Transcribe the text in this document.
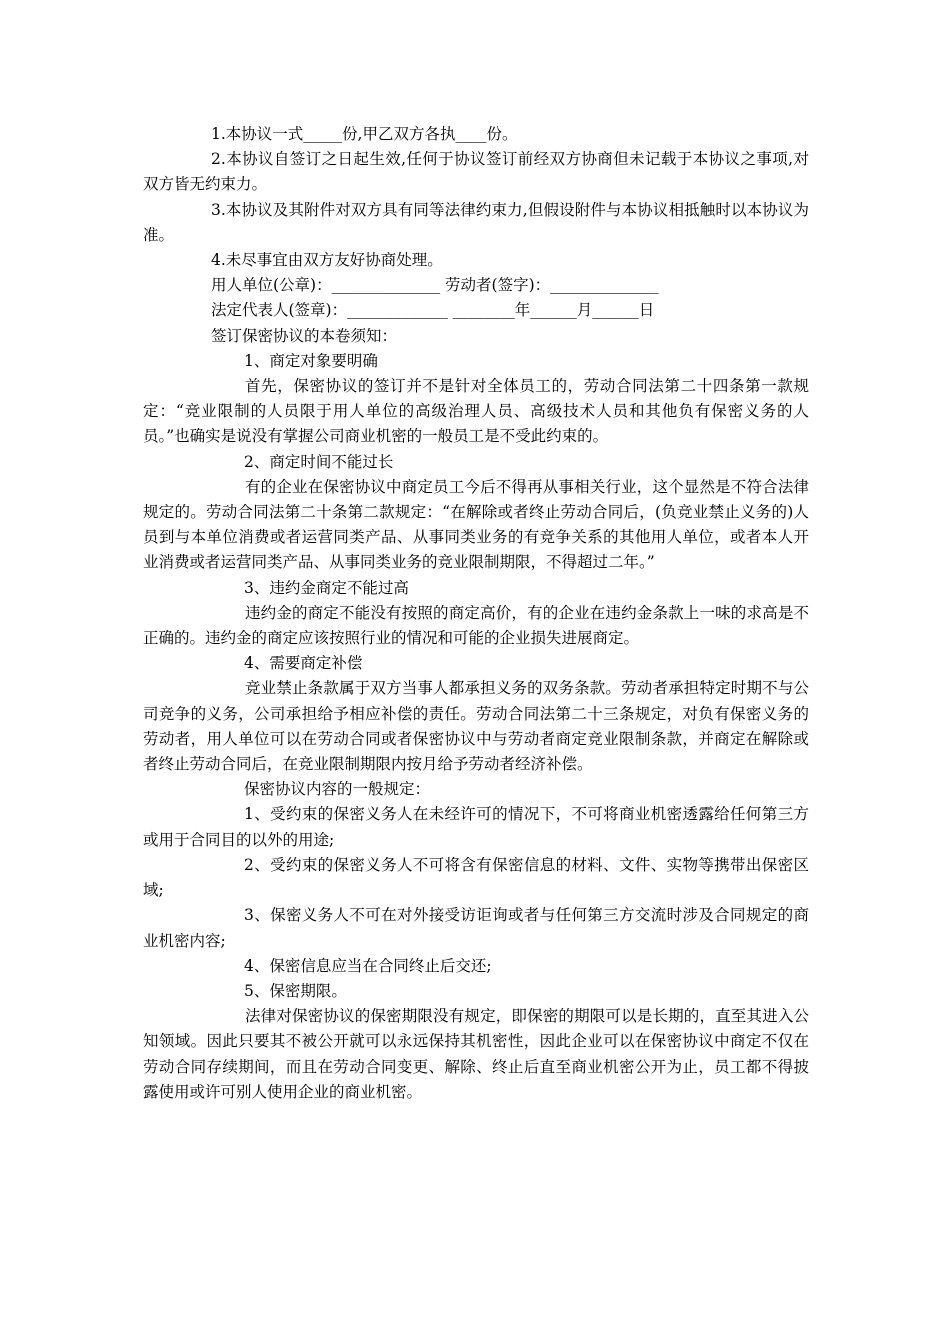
1.本协议一式_____份,甲乙双方各执____份。

2.本协议自签订之日起生效,任何于协议签订前经双方协商但未记载于本协议之事项,对双方皆无约束力。

3.本协议及其附件对双方具有同等法律约束力,但假设附件与本协议相抵触时以本协议为准。

4.未尽事宜由双方友好协商处理。

用人单位(公章)：______________ 劳动者(签字)：______________

法定代表人(签章)：_____________ ________年______月______日

签订保密协议的本卷须知：

1、商定对象要明确

首先，保密协议的签订并不是针对全体员工的，劳动合同法第二十四条第一款规定：“竞业限制的人员限于用人单位的高级治理人员、高级技术人员和其他负有保密义务的人员。”也确实是说没有掌握公司商业机密的一般员工是不受此约束的。

2、商定时间不能过长

有的企业在保密协议中商定员工今后不得再从事相关行业，这个显然是不符合法律规定的。劳动合同法第二十条第二款规定：“在解除或者终止劳动合同后，(负竞业禁止义务的)人员到与本单位消费或者运营同类产品、从事同类业务的有竞争关系的其他用人单位，或者本人开业消费或者运营同类产品、从事同类业务的竞业限制期限，不得超过二年。”

3、违约金商定不能过高

违约金的商定不能没有按照的商定高价，有的企业在违约金条款上一味的求高是不正确的。违约金的商定应该按照行业的情况和可能的企业损失进展商定。

4、需要商定补偿

竞业禁止条款属于双方当事人都承担义务的双务条款。劳动者承担特定时期不与公司竞争的义务，公司承担给予相应补偿的责任。劳动合同法第二十三条规定，对负有保密义务的劳动者，用人单位可以在劳动合同或者保密协议中与劳动者商定竞业限制条款，并商定在解除或者终止劳动合同后，在竞业限制期限内按月给予劳动者经济补偿。

保密协议内容的一般规定：

1、受约束的保密义务人在未经许可的情况下，不可将商业机密透露给任何第三方或用于合同目的以外的用途;

2、受约束的保密义务人不可将含有保密信息的材料、文件、实物等携带出保密区域;

3、保密义务人不可在对外接受访讵询或者与任何第三方交流时涉及合同规定的商业机密内容;

4、保密信息应当在合同终止后交还;

5、保密期限。

法律对保密协议的保密期限没有规定，即保密的期限可以是长期的，直至其进入公知领域。因此只要其不被公开就可以永远保持其机密性，因此企业可以在保密协议中商定不仅在劳动合同存续期间，而且在劳动合同变更、解除、终止后直至商业机密公开为止，员工都不得披露使用或许可别人使用企业的商业机密。
